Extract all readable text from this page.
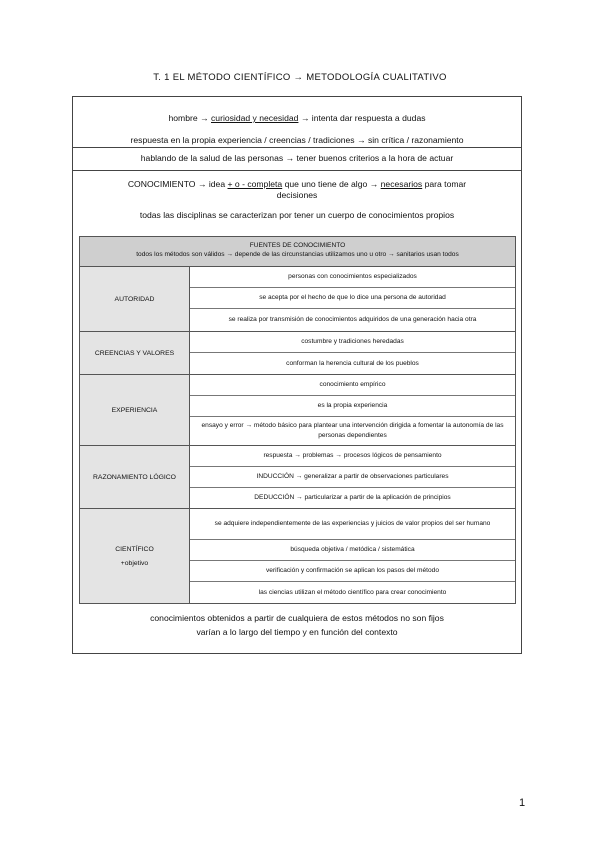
T. 1 EL MÉTODO CIENTÍFICO → METODOLOGÍA CUALITATIVO
hombre → curiosidad y necesidad → intenta dar respuesta a dudas
respuesta en la propia experiencia / creencias / tradiciones → sin crítica / razonamiento
hablando de la salud de las personas → tener buenos criterios a la hora de actuar
CONOCIMIENTO → idea + o - completa que uno tiene de algo → necesarios para tomar
decisiones
todas las disciplinas se caracterizan por tener un cuerpo de conocimientos propios
FUENTES DE CONOCIMIENTO
todos los métodos son válidos → depende de las circunstancias utilizamos uno u otro → sanitarios usan todos
AUTORIDAD
personas con conocimientos especializados
se acepta por el hecho de que lo dice una persona de autoridad
se realiza por transmisión de conocimientos adquiridos de una generación hacia otra
CREENCIAS Y VALORES
costumbre y tradiciones heredadas
conforman la herencia cultural de los pueblos
EXPERIENCIA
conocimiento empírico
es la propia experiencia
ensayo y error → método básico para plantear una intervención dirigida a fomentar la autonomía de las personas dependientes
RAZONAMIENTO LÓGICO
respuesta → problemas → procesos lógicos de pensamiento
INDUCCIÓN → generalizar a partir de observaciones particulares
DEDUCCIÓN → particularizar a partir de la aplicación de principios
CIENTÍFICO
+objetivo
se adquiere independientemente de las experiencias y juicios de valor propios del ser humano
búsqueda objetiva / metódica / sistemática
verificación y confirmación se aplican los pasos del método
las ciencias utilizan el método científico para crear conocimiento
conocimientos obtenidos a partir de cualquiera de estos métodos no son fijos
varían a lo largo del tiempo y en función del contexto
1
